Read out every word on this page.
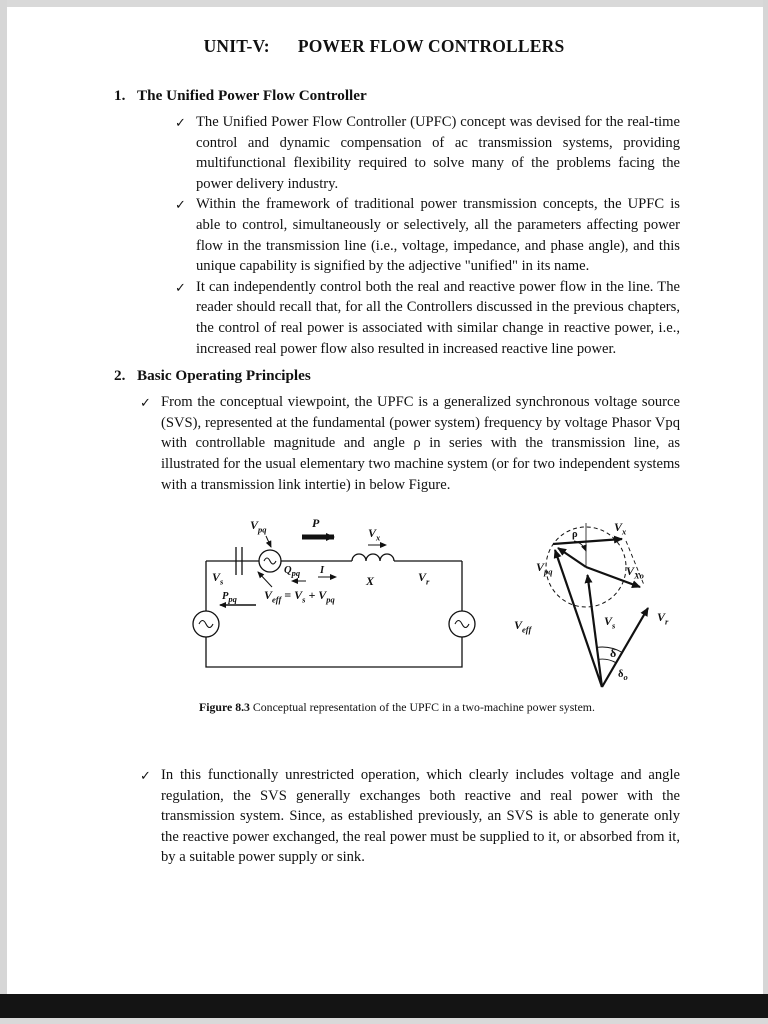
UNIT-V: POWER FLOW CONTROLLERS
1. The Unified Power Flow Controller
✓ The Unified Power Flow Controller (UPFC) concept was devised for the real-time control and dynamic compensation of ac transmission systems, providing multifunctional flexibility required to solve many of the problems facing the power delivery industry.
✓ Within the framework of traditional power transmission concepts, the UPFC is able to control, simultaneously or selectively, all the parameters affecting power flow in the transmission line (i.e., voltage, impedance, and phase angle), and this unique capability is signified by the adjective "unified" in its name.
✓ It can independently control both the real and reactive power flow in the line. The reader should recall that, for all the Controllers discussed in the previous chapters, the control of real power is associated with similar change in reactive power, i.e., increased real power flow also resulted in increased reactive line power.
2. Basic Operating Principles
✓ From the conceptual viewpoint, the UPFC is a generalized synchronous voltage source (SVS), represented at the fundamental (power system) frequency by voltage Phasor Vpq with controllable magnitude and angle ρ in series with the transmission line, as illustrated for the usual elementary two machine system (or for two independent systems with a transmission link intertie) in below Figure.
$V_{pq}$	P
$V_x$
$Q_{pq}$ I
$V_s$
$V_{eff} = V_s + V_{pq}$
$P_{pq}$
X	$V_r$
ρ
$V_x$
$V_{pq}$	$V_{Xo}$
$V_{eff}$
$V_s$
$V_r$
δ
$\delta_o$
Figure 8.3 Conceptual representation of the UPFC in a two-machine power system.
✓ In this functionally unrestricted operation, which clearly includes voltage and angle regulation, the SVS generally exchanges both reactive and real power with the transmission system. Since, as established previously, an SVS is able to generate only the reactive power exchanged, the real power must be supplied to it, or absorbed from it, by a suitable power supply or sink.
